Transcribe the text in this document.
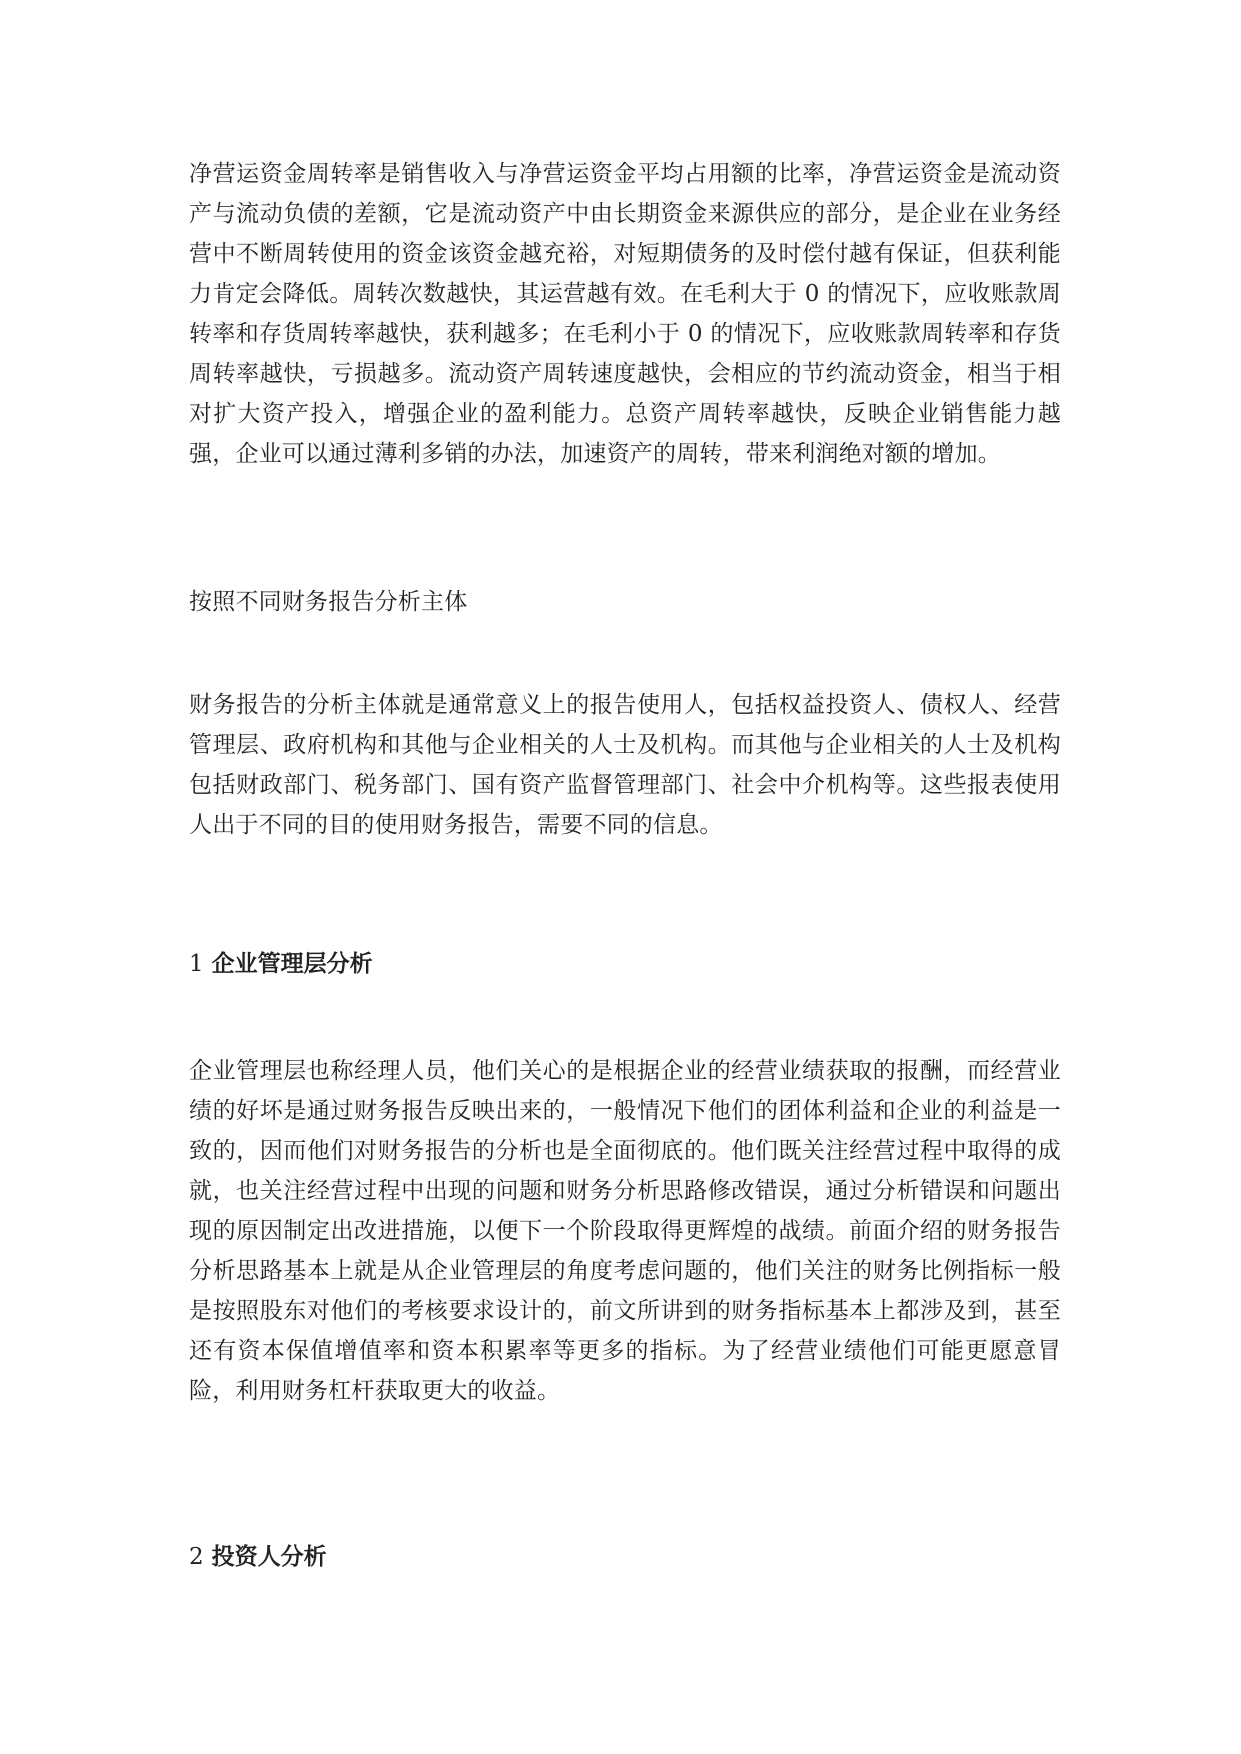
净营运资金周转率是销售收入与净营运资金平均占用额的比率，净营运资金是流动资产与流动负债的差额，它是流动资产中由长期资金来源供应的部分，是企业在业务经营中不断周转使用的资金该资金越充裕，对短期债务的及时偿付越有保证，但获利能力肯定会降低。周转次数越快，其运营越有效。在毛利大于 0 的情况下，应收账款周转率和存货周转率越快，获利越多；在毛利小于 0 的情况下，应收账款周转率和存货周转率越快，亏损越多。流动资产周转速度越快，会相应的节约流动资金，相当于相对扩大资产投入，增强企业的盈利能力。总资产周转率越快，反映企业销售能力越强，企业可以通过薄利多销的办法，加速资产的周转，带来利润绝对额的增加。

按照不同财务报告分析主体

财务报告的分析主体就是通常意义上的报告使用人，包括权益投资人、债权人、经营管理层、政府机构和其他与企业相关的人士及机构。而其他与企业相关的人士及机构包括财政部门、税务部门、国有资产监督管理部门、社会中介机构等。这些报表使用人出于不同的目的使用财务报告，需要不同的信息。

1 企业管理层分析

企业管理层也称经理人员，他们关心的是根据企业的经营业绩获取的报酬，而经营业绩的好坏是通过财务报告反映出来的，一般情况下他们的团体利益和企业的利益是一致的，因而他们对财务报告的分析也是全面彻底的。他们既关注经营过程中取得的成就，也关注经营过程中出现的问题和财务分析思路修改错误，通过分析错误和问题出现的原因制定出改进措施，以便下一个阶段取得更辉煌的战绩。前面介绍的财务报告分析思路基本上就是从企业管理层的角度考虑问题的，他们关注的财务比例指标一般是按照股东对他们的考核要求设计的，前文所讲到的财务指标基本上都涉及到，甚至还有资本保值增值率和资本积累率等更多的指标。为了经营业绩他们可能更愿意冒险，利用财务杠杆获取更大的收益。

2 投资人分析
